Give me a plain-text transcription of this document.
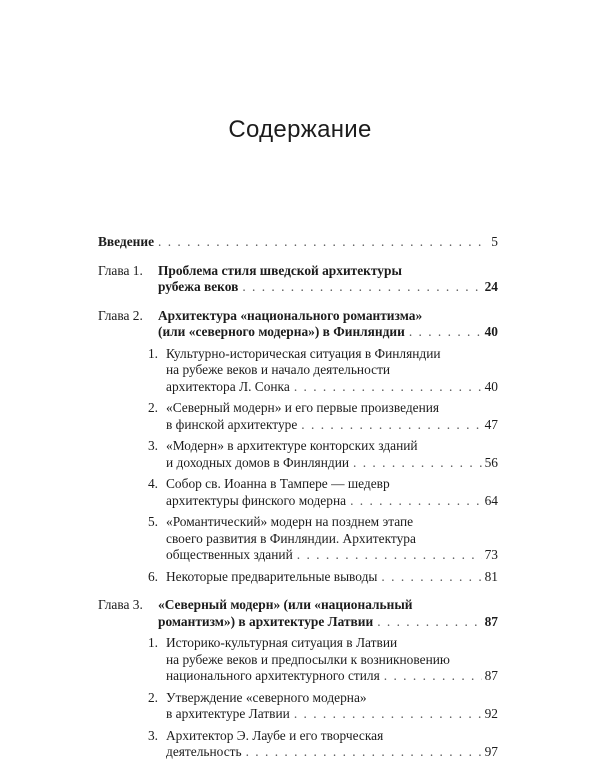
Содержание
Введение . . .	5
Глава 1. Проблема стиля шведской архитектуры
рубежа веков . . .	24
Глава 2. Архитектура «национального романтизма»
(или «северного модерна») в Финляндии . . .	40
1. Культурно-историческая ситуация в Финляндии
на рубеже веков и начало деятельности
архитектора Л. Сонка . . .	40
2. «Северный модерн» и его первые произведения
в финской архитектуре . . .	47
3. «Модерн» в архитектуре конторских зданий
и доходных домов в Финляндии . . .	56
4. Собор св. Иоанна в Тампере — шедевр
архитектуры финского модерна . . .	64
5. «Романтический» модерн на позднем этапе
своего развития в Финляндии. Архитектура
общественных зданий . . .	73
6. Некоторые предварительные выводы . . .	81
Глава 3. «Северный модерн» (или «национальный
романтизм») в архитектуре Латвии . . .	87
1. Историко-культурная ситуация в Латвии
на рубеже веков и предпосылки к возникновению
национального архитектурного стиля . . .	87
2. Утверждение «северного модерна»
в архитектуре Латвии . . .	92
3. Архитектор Э. Лаубе и его творческая
деятельность . . .	97
